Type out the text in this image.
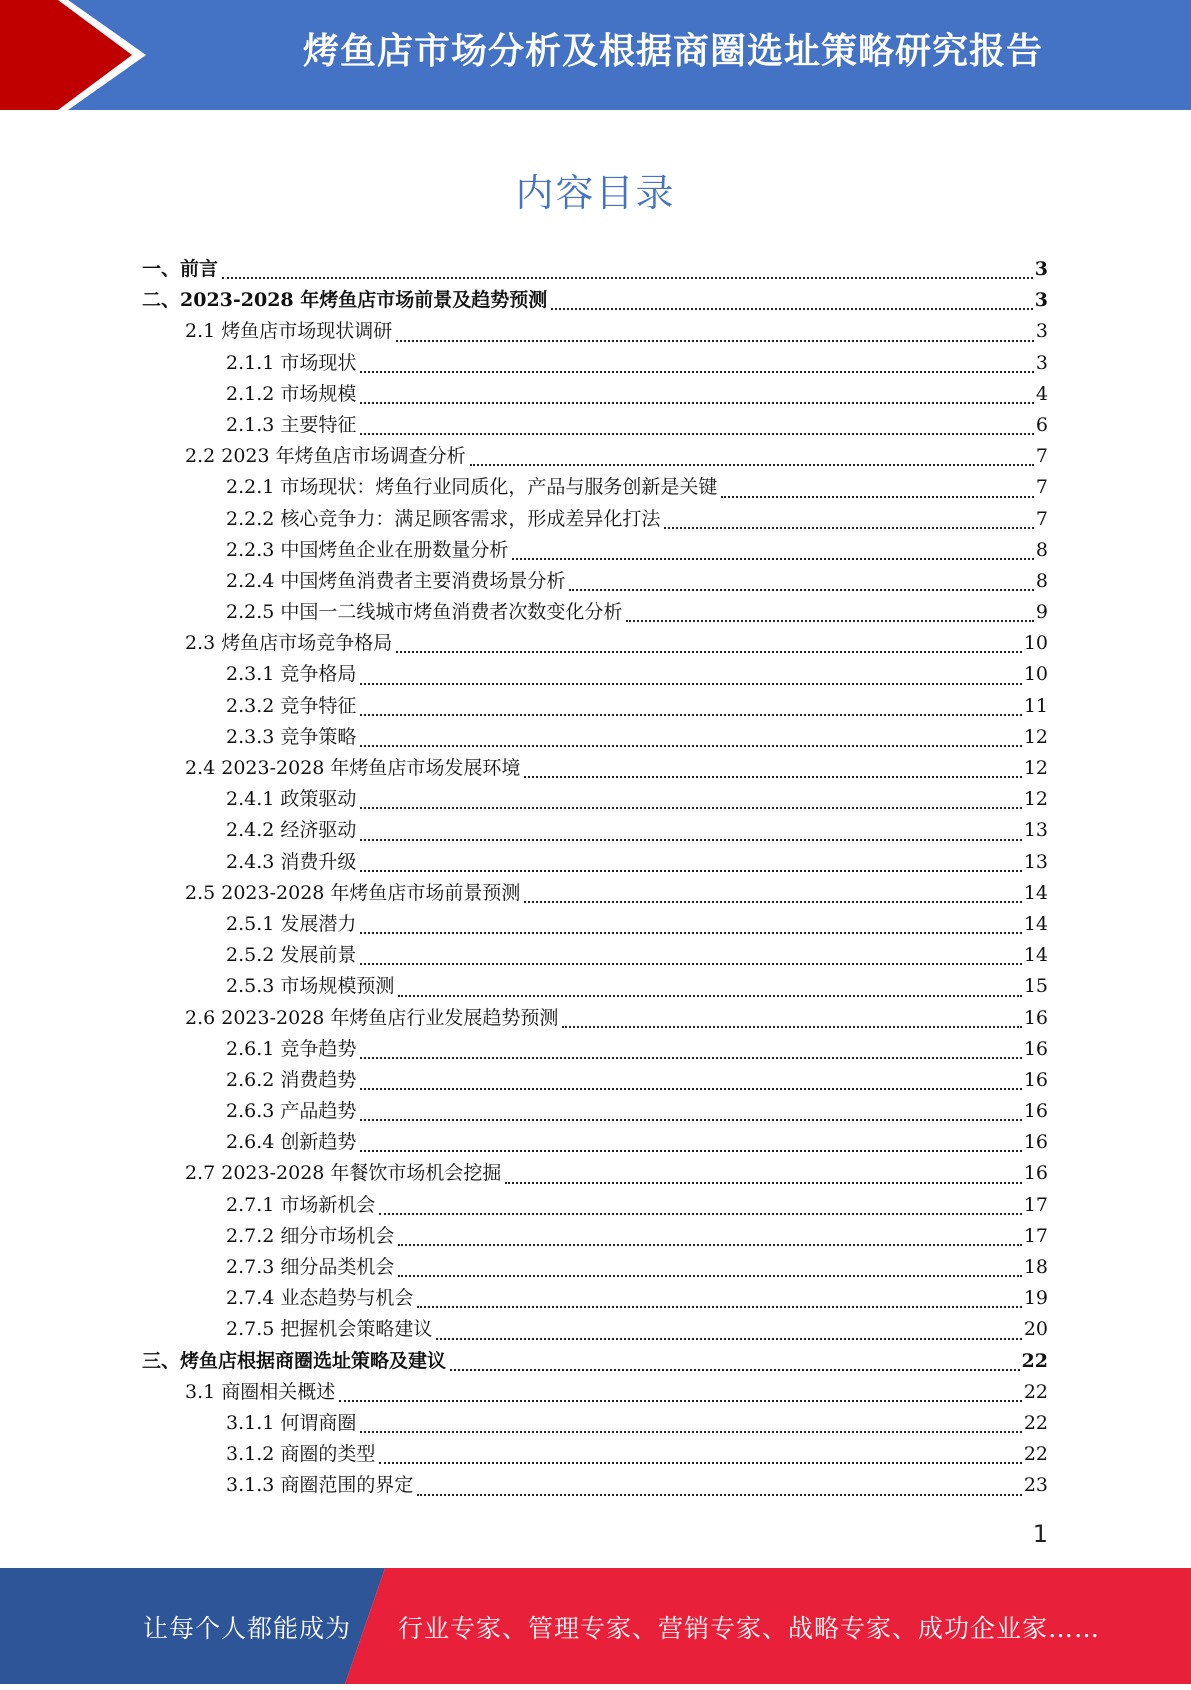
烤鱼店市场分析及根据商圈选址策略研究报告
内容目录
一、前言	3
二、2023-2028 年烤鱼店市场前景及趋势预测	3
2.1 烤鱼店市场现状调研	3
2.1.1 市场现状	3
2.1.2 市场规模	4
2.1.3 主要特征	6
2.2 2023 年烤鱼店市场调查分析	7
2.2.1 市场现状：烤鱼行业同质化，产品与服务创新是关键	7
2.2.2 核心竞争力：满足顾客需求，形成差异化打法	7
2.2.3 中国烤鱼企业在册数量分析	8
2.2.4 中国烤鱼消费者主要消费场景分析	8
2.2.5 中国一二线城市烤鱼消费者次数变化分析	9
2.3 烤鱼店市场竞争格局	10
2.3.1 竞争格局	10
2.3.2 竞争特征	11
2.3.3 竞争策略	12
2.4 2023-2028 年烤鱼店市场发展环境	12
2.4.1 政策驱动	12
2.4.2 经济驱动	13
2.4.3 消费升级	13
2.5 2023-2028 年烤鱼店市场前景预测	14
2.5.1 发展潜力	14
2.5.2 发展前景	14
2.5.3 市场规模预测	15
2.6 2023-2028 年烤鱼店行业发展趋势预测	16
2.6.1 竞争趋势	16
2.6.2 消费趋势	16
2.6.3 产品趋势	16
2.6.4 创新趋势	16
2.7 2023-2028 年餐饮市场机会挖掘	16
2.7.1 市场新机会	17
2.7.2 细分市场机会	17
2.7.3 细分品类机会	18
2.7.4 业态趋势与机会	19
2.7.5 把握机会策略建议	20
三、烤鱼店根据商圈选址策略及建议	22
3.1 商圈相关概述	22
3.1.1 何谓商圈	22
3.1.2 商圈的类型	22
3.1.3 商圈范围的界定	23
1
让每个人都能成为 行业专家、管理专家、营销专家、战略专家、成功企业家……
